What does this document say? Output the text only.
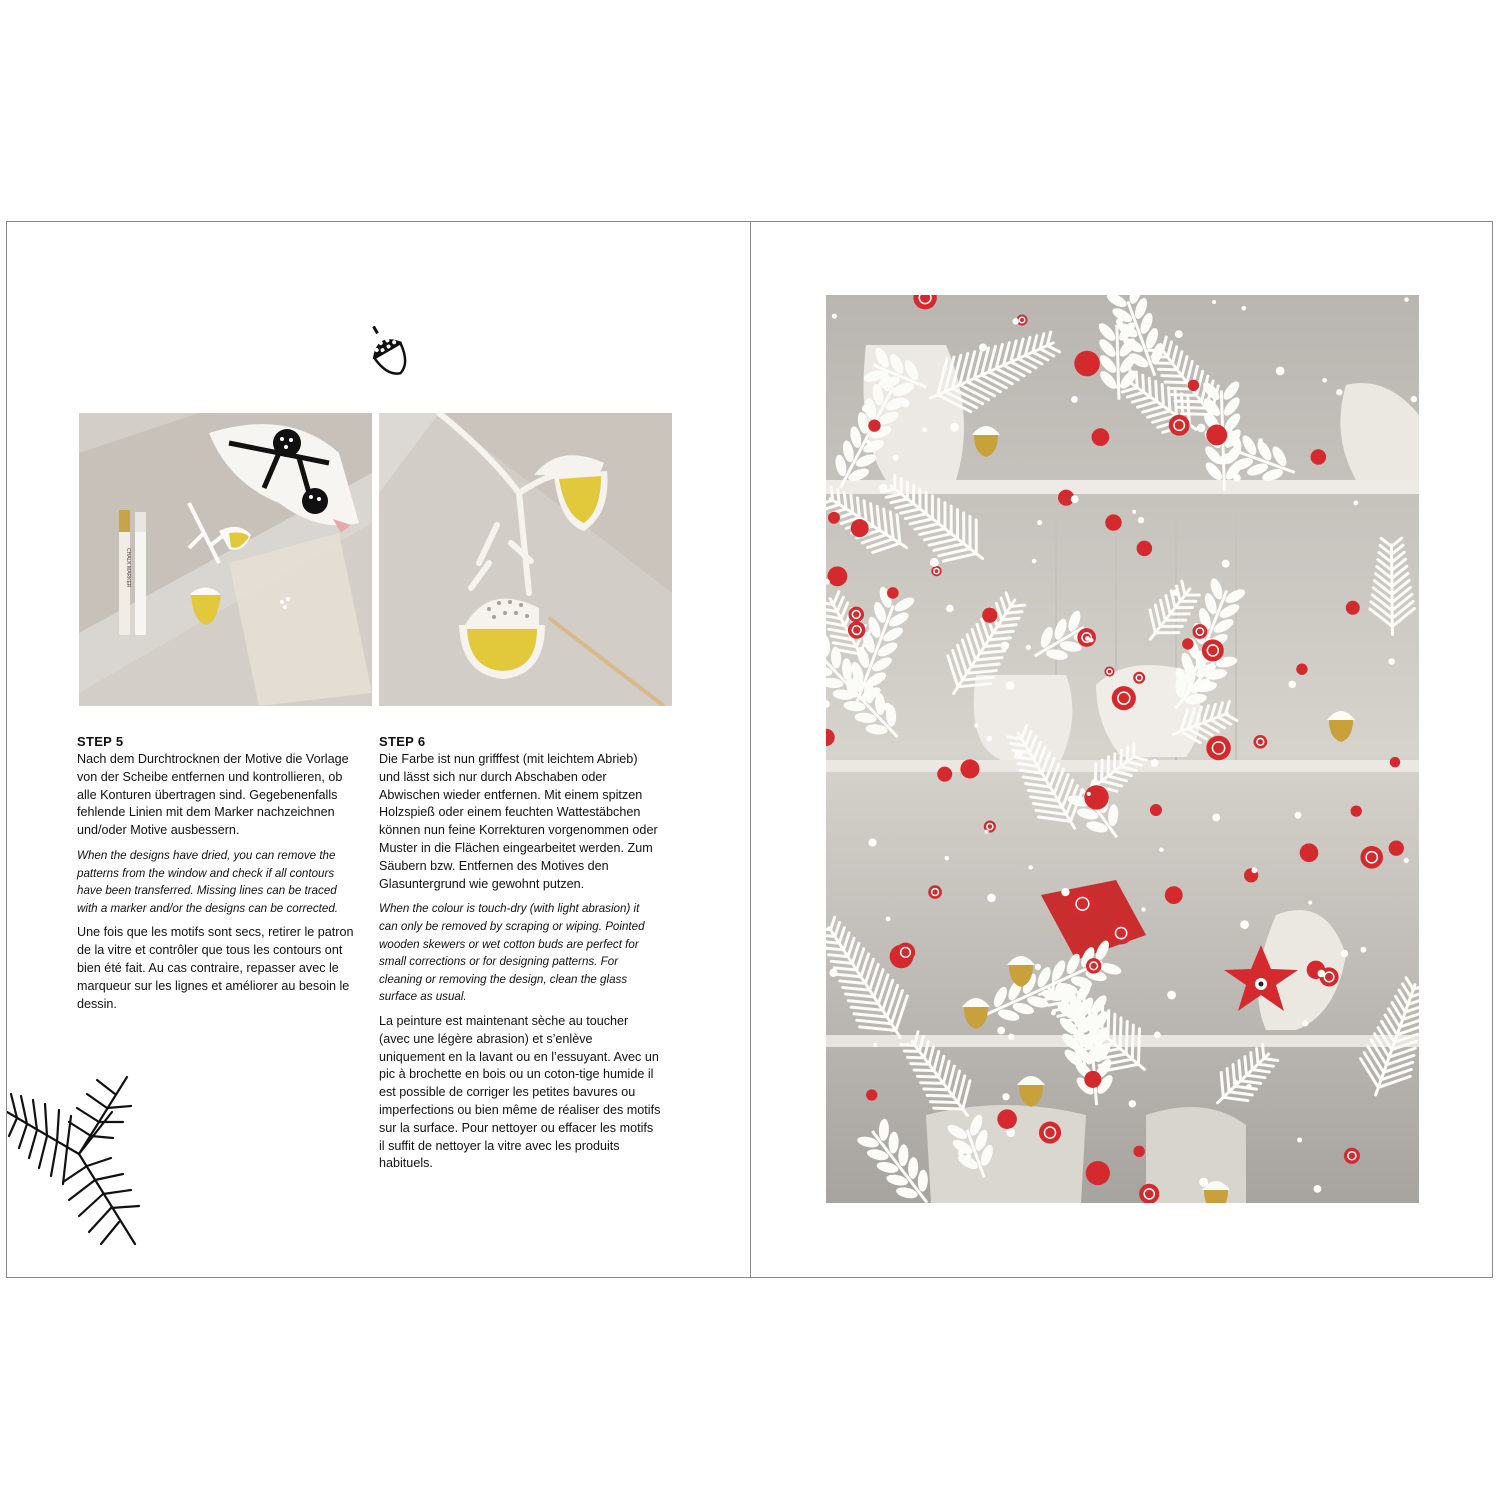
CHALK MARKER
STEP 5

Nach dem Durchtrocknen der Motive die Vorlage von der Scheibe entfernen und kontrollieren, ob alle Konturen übertragen sind. Gegebenenfalls fehlende Linien mit dem Marker nachzeichnen und/oder Motive ausbessern.

When the designs have dried, you can remove the patterns from the window and check if all contours have been transferred. Missing lines can be traced with a marker and/or the designs can be corrected.

Une fois que les motifs sont secs, retirer le patron de la vitre et contrôler que tous les contours ont bien été fait. Au cas contraire, repasser avec le marqueur sur les lignes et améliorer au besoin le dessin.

STEP 6

Die Farbe ist nun grifffest (mit leichtem Abrieb) und lässt sich nur durch Abschaben oder Abwischen wieder entfernen. Mit einem spitzen Holzspieß oder einem feuchten Wattestäbchen können nun feine Korrekturen vorgenommen oder Muster in die Flächen eingearbeitet werden. Zum Säubern bzw. Entfernen des Motives den Glasuntergrund wie gewohnt putzen.

When the colour is touch-dry (with light abrasion) it can only be removed by scraping or wiping. Pointed wooden skewers or wet cotton buds are perfect for small corrections or for designing patterns. For cleaning or removing the design, clean the glass surface as usual.

La peinture est maintenant sèche au toucher (avec une légère abrasion) et s’enlève uniquement en la lavant ou en l’essuyant. Avec un pic à brochette en bois ou un coton-tige humide il est possible de corriger les petites bavures ou imperfections ou bien même de réaliser des motifs sur la surface. Pour nettoyer ou effacer les motifs il suffit de nettoyer la vitre avec les produits habituels.
